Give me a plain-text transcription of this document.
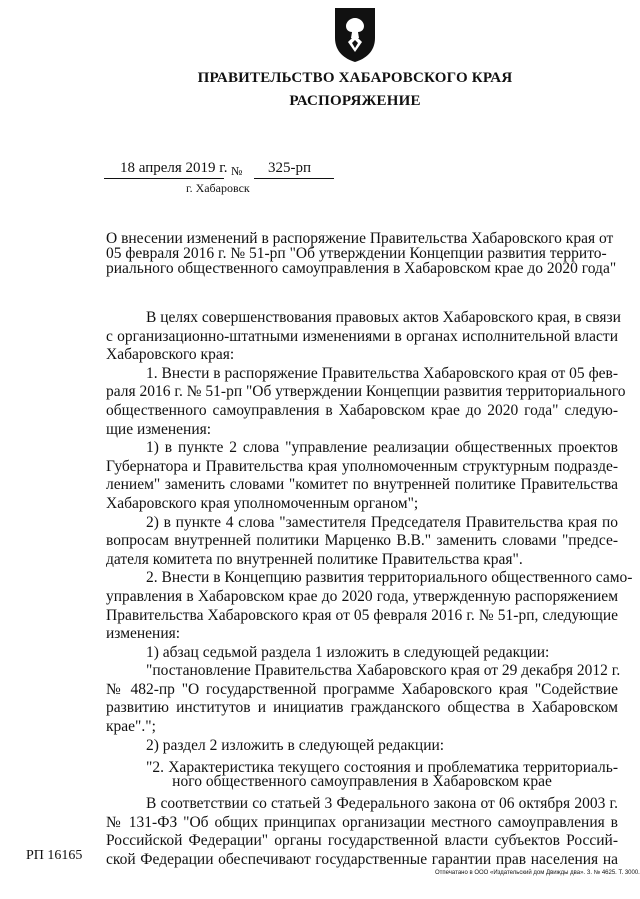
ПРАВИТЕЛЬСТВО ХАБАРОВСКОГО КРАЯ
РАСПОРЯЖЕНИЕ
18 апреля 2019 г. № 325-рп
г. Хабаровск
О внесении изменений в распоряжение Правительства Хабаровского края от
05 февраля 2016 г. № 51-рп "Об утверждении Концепции развития террито-
риального общественного самоуправления в Хабаровском крае до 2020 года"
В целях совершенствования правовых актов Хабаровского края, в связи
с организационно-штатными изменениями в органах исполнительной власти
Хабаровского края:
1. Внести в распоряжение Правительства Хабаровского края от 05 фев-
раля 2016 г. № 51-рп "Об утверждении Концепции развития территориального
общественного самоуправления в Хабаровском крае до 2020 года" следую-
щие изменения:
1) в пункте 2 слова "управление реализации общественных проектов
Губернатора и Правительства края уполномоченным структурным подразде-
лением" заменить словами "комитет по внутренней политике Правительства
Хабаровского края уполномоченным органом";
2) в пункте 4 слова "заместителя Председателя Правительства края по
вопросам внутренней политики Марценко В.В." заменить словами "предсе-
дателя комитета по внутренней политике Правительства края".
2. Внести в Концепцию развития территориального общественного само-
управления в Хабаровском крае до 2020 года, утвержденную распоряжением
Правительства Хабаровского края от 05 февраля 2016 г. № 51-рп, следующие
изменения:
1) абзац седьмой раздела 1 изложить в следующей редакции:
"постановление Правительства Хабаровского края от 29 декабря 2012 г.
№ 482-пр "О государственной программе Хабаровского края "Содействие
развитию институтов и инициатив гражданского общества в Хабаровском
крае".";
2) раздел 2 изложить в следующей редакции:
"2. Характеристика текущего состояния и проблематика территориаль-
ного общественного самоуправления в Хабаровском крае
В соответствии со статьей 3 Федерального закона от 06 октября 2003 г.
№ 131-ФЗ "Об общих принципах организации местного самоуправления в
Российской Федерации" органы государственной власти субъектов Россий-
ской Федерации обеспечивают государственные гарантии прав населения на
РП 16165
Отпечатано в ООО «Издательский дом Движды два». З. № 4625. Т. 3000.
